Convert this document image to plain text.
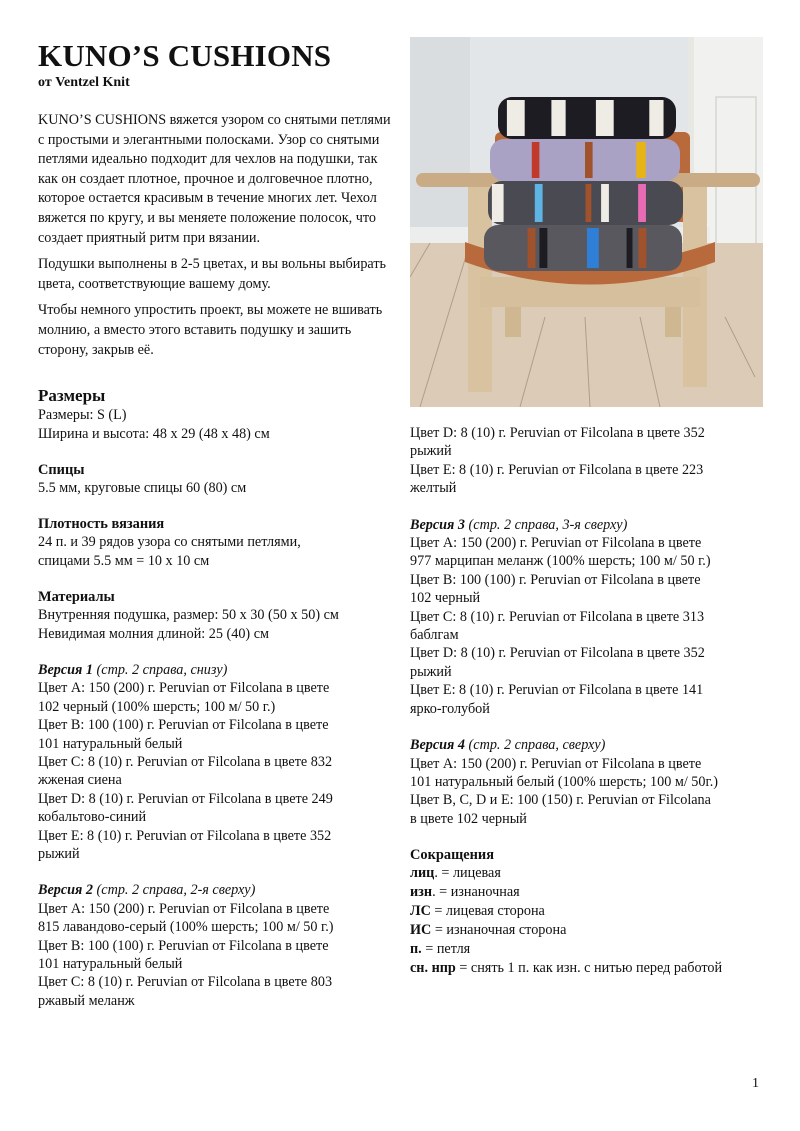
KUNO’S CUSHIONS
от Ventzel Knit

KUNO’S CUSHIONS вяжется узором со снятыми петлями с простыми и элегантными полосками. Узор со снятыми петлями идеально подходит для чехлов на подушки, так как он создает плотное, прочное и долговечное плотно, которое остается красивым в течение многих лет. Чехол вяжется по кругу, и вы меняете положение полосок, что создает приятный ритм при вязании.

Подушки выполнены в 2-5 цветах, и вы вольны выбирать цвета, соответствующие вашему дому.

Чтобы немного упростить проект, вы можете не вшивать молнию, а вместо этого вставить подушку и зашить сторону, закрыв её.

Размеры

Размеры: S (L)

Ширина и высота: 48 x 29 (48 x 48) см

Спицы

5.5 мм, круговые спицы 60 (80) см

Плотность вязания

24 п. и 39 рядов узора со снятыми петлями,

спицами 5.5 мм = 10 x 10 см

Материалы

Внутренняя подушка, размер: 50 x 30 (50 x 50) см

Невидимая молния длиной: 25 (40) см

Версия 1 (стр. 2 справа, снизу)

Цвет A: 150 (200) г. Peruvian от Filcolana в цвете

102 черный (100% шерсть; 100 м/ 50 г.)

Цвет B: 100 (100) г. Peruvian от Filcolana в цвете

101 натуральный белый

Цвет C: 8 (10) г. Peruvian от Filcolana в цвете 832

жженая сиена

Цвет D: 8 (10) г. Peruvian от Filcolana в цвете 249

кобальтово-синий

Цвет E: 8 (10) г. Peruvian от Filcolana в цвете 352

рыжий

Версия 2 (стр. 2 справа, 2-я сверху)

Цвет A: 150 (200) г. Peruvian от Filcolana в цвете

815 лавандово-серый (100% шерсть; 100 м/ 50 г.)

Цвет B: 100 (100) г. Peruvian от Filcolana в цвете

101 натуральный белый

Цвет C: 8 (10) г. Peruvian от Filcolana в цвете 803

ржавый меланж

Цвет D: 8 (10) г. Peruvian от Filcolana в цвете 352

рыжий

Цвет E: 8 (10) г. Peruvian от Filcolana в цвете 223

желтый

Версия 3 (стр. 2 справа, 3-я сверху)

Цвет A: 150 (200) г. Peruvian от Filcolana в цвете

977 марципан меланж (100% шерсть; 100 м/ 50 г.)

Цвет B: 100 (100) г. Peruvian от Filcolana в цвете

102 черный

Цвет C: 8 (10) г. Peruvian от Filcolana в цвете 313

баблгам

Цвет D: 8 (10) г. Peruvian от Filcolana в цвете 352

рыжий

Цвет E: 8 (10) г. Peruvian от Filcolana в цвете 141

ярко-голубой

Версия 4 (стр. 2 справа, сверху)

Цвет A: 150 (200) г. Peruvian от Filcolana в цвете

101 натуральный белый (100% шерсть; 100 м/ 50г.)

Цвет B, C, D и E: 100 (150) г. Peruvian от Filcolana

в цвете 102 черный

Сокращения

лиц. = лицевая

изн. = изнаночная

ЛС = лицевая сторона

ИС = изнаночная сторона

п. = петля

сн. нпр = снять 1 п. как изн. с нитью перед работой

1
